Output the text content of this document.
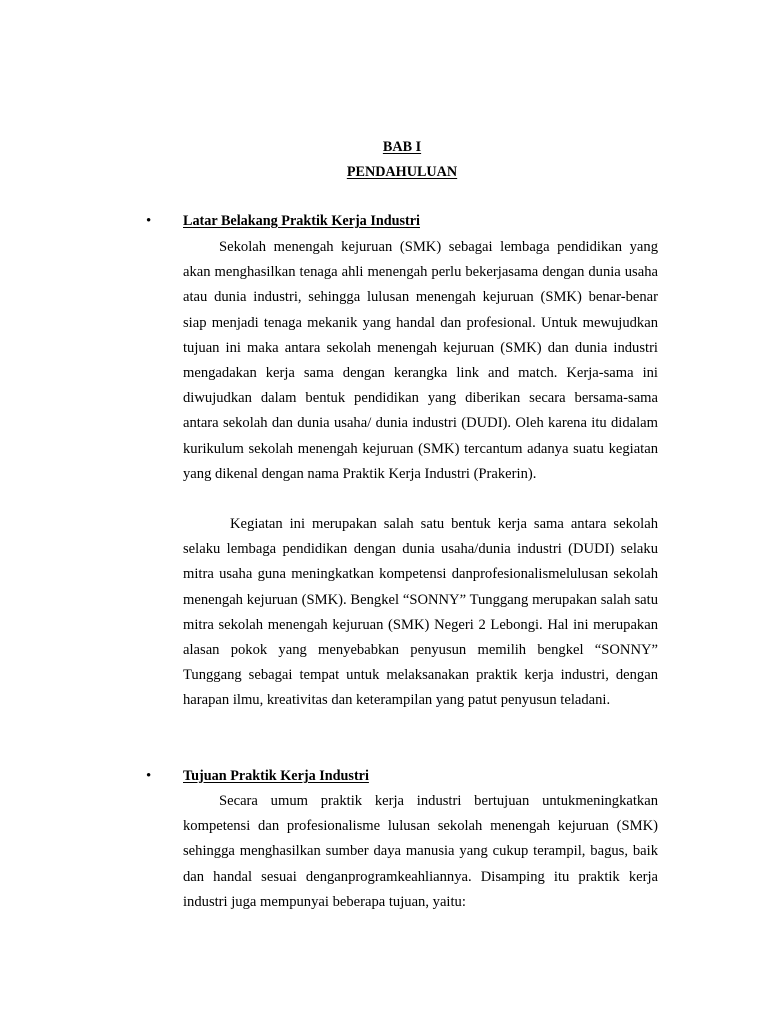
BAB I
PENDAHULUAN
• Latar Belakang Praktik Kerja Industri
Sekolah menengah kejuruan (SMK) sebagai lembaga pendidikan yang akan menghasilkan tenaga ahli menengah perlu bekerjasama dengan dunia usaha atau dunia industri, sehingga lulusan menengah kejuruan (SMK) benar-benar siap menjadi tenaga mekanik yang handal dan profesional. Untuk mewujudkan tujuan ini maka antara sekolah menengah kejuruan (SMK) dan dunia industri mengadakan kerja sama dengan kerangka link and match. Kerja-sama ini diwujudkan dalam bentuk pendidikan yang diberikan secara bersama-sama antara sekolah dan dunia usaha/ dunia industri (DUDI). Oleh karena itu didalam kurikulum sekolah menengah kejuruan (SMK) tercantum adanya suatu kegiatan yang dikenal dengan nama Praktik Kerja Industri (Prakerin).
Kegiatan ini merupakan salah satu bentuk kerja sama antara sekolah selaku lembaga pendidikan dengan dunia usaha/dunia industri (DUDI) selaku mitra usaha guna meningkatkan kompetensi danprofesionalismelulusan sekolah menengah kejuruan (SMK). Bengkel “SONNY” Tunggang merupakan salah satu mitra sekolah menengah kejuruan (SMK) Negeri 2 Lebongi. Hal ini merupakan alasan pokok yang menyebabkan penyusun memilih bengkel “SONNY” Tunggang sebagai tempat untuk melaksanakan praktik kerja industri, dengan harapan ilmu, kreativitas dan keterampilan yang patut penyusun teladani.
• Tujuan Praktik Kerja Industri
Secara umum praktik kerja industri bertujuan untukmeningkatkan kompetensi dan profesionalisme lulusan sekolah menengah kejuruan (SMK) sehingga menghasilkan sumber daya manusia yang cukup terampil, bagus, baik dan handal sesuai denganprogramkeahliannya. Disamping itu praktik kerja industri juga mempunyai beberapa tujuan, yaitu:
